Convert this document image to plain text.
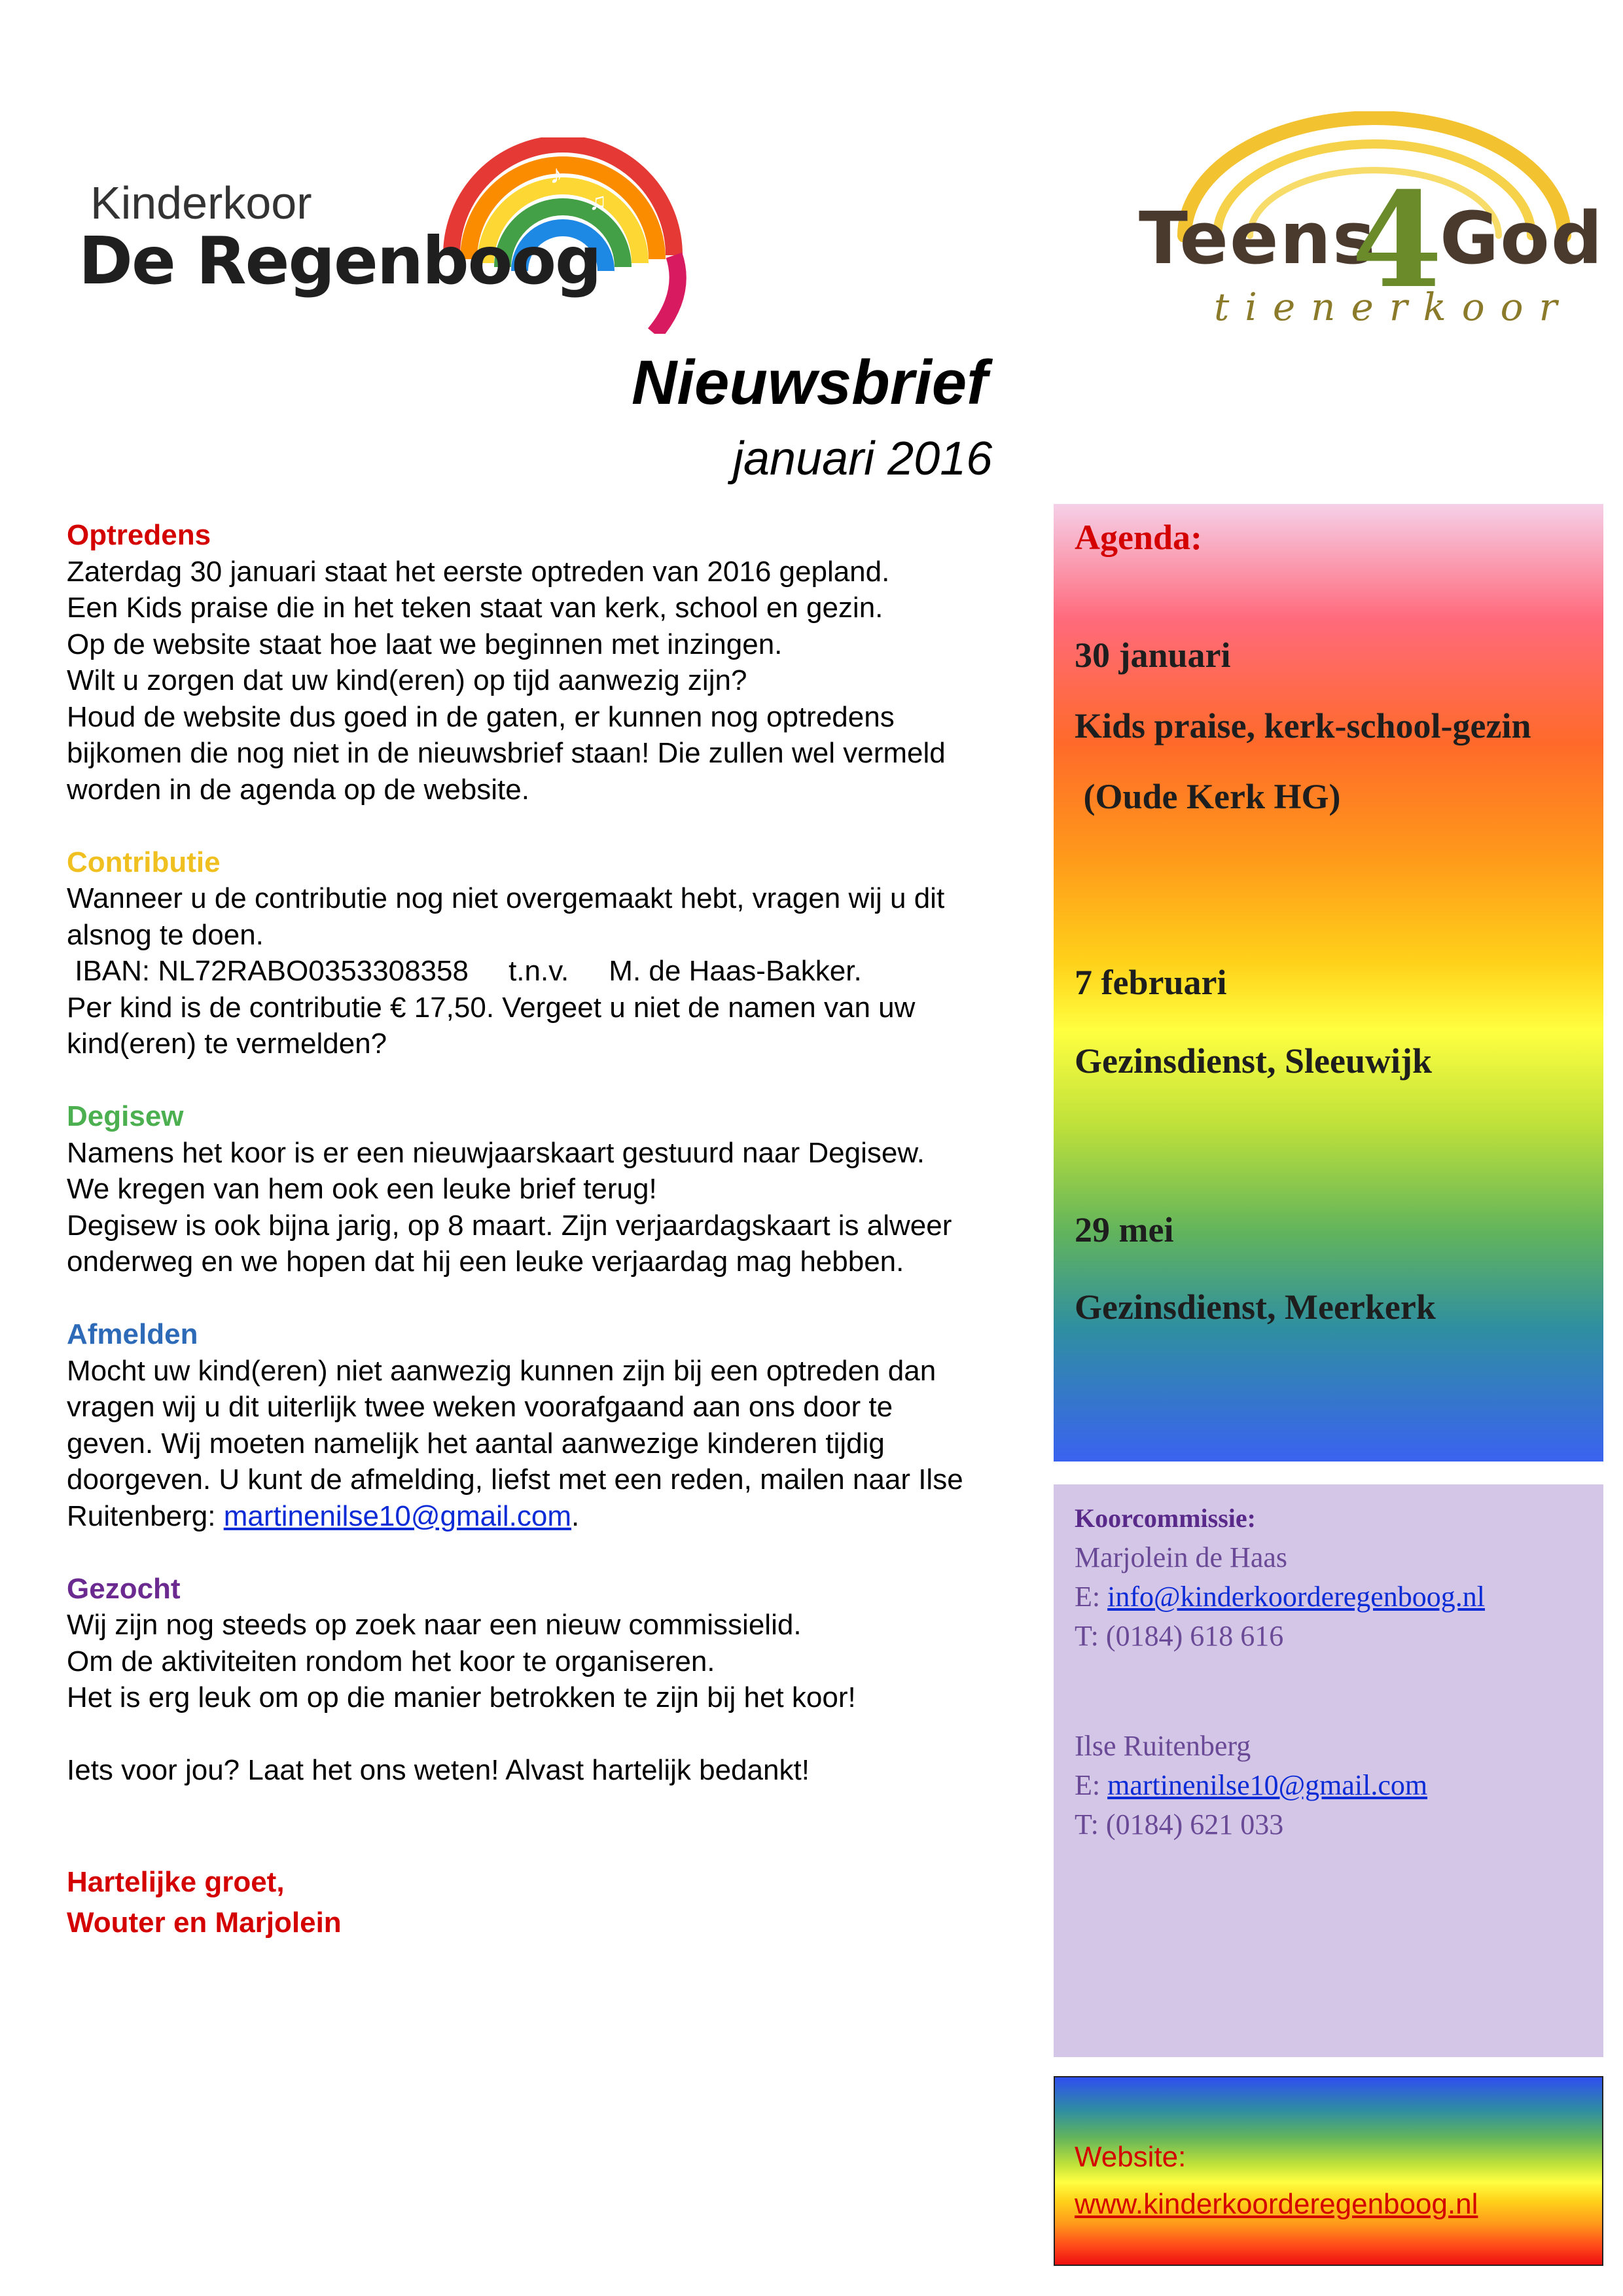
♪
♫
Kinderkoor
De Regenboog	Teens
4
God
tienerkoor
Nieuwsbrief
januari 2016
Optredens

Zaterdag 30 januari staat het eerste optreden van 2016 gepland.

Een Kids praise die in het teken staat van kerk, school en gezin.

Op de website staat hoe laat we beginnen met inzingen.

Wilt u zorgen dat uw kind(eren) op tijd aanwezig zijn?

Houd de website dus goed in de gaten, er kunnen nog optredens

bijkomen die nog niet in de nieuwsbrief staan! Die zullen wel vermeld

worden in de agenda op de website.

Contributie

Wanneer u de contributie nog niet overgemaakt hebt, vragen wij u dit

alsnog te doen.

IBAN: NL72RABO0353308358     t.n.v.     M. de Haas-Bakker.

Per kind is de contributie € 17,50. Vergeet u niet de namen van uw

kind(eren) te vermelden?

Degisew

Namens het koor is er een nieuwjaarskaart gestuurd naar Degisew.

We kregen van hem ook een leuke brief terug!

Degisew is ook bijna jarig, op 8 maart. Zijn verjaardagskaart is alweer

onderweg en we hopen dat hij een leuke verjaardag mag hebben.

Afmelden

Mocht uw kind(eren) niet aanwezig kunnen zijn bij een optreden dan

vragen wij u dit uiterlijk twee weken voorafgaand aan ons door te

geven. Wij moeten namelijk het aantal aanwezige kinderen tijdig

doorgeven. U kunt de afmelding, liefst met een reden, mailen naar Ilse

Ruitenberg: martinenilse10@gmail.com.

Gezocht

Wij zijn nog steeds op zoek naar een nieuw commissielid.

Om de aktiviteiten rondom het koor te organiseren.

Het is erg leuk om op die manier betrokken te zijn bij het koor!

Iets voor jou? Laat het ons weten! Alvast hartelijk bedankt!

Hartelijke groet,
Wouter en Marjolein
Agenda:
30 januari
Kids praise, kerk-school-gezin
(Oude Kerk HG)
7 februari
Gezinsdienst, Sleeuwijk
29 mei
Gezinsdienst, Meerkerk
Koorcommissie:
Marjolein de Haas
E: info@kinderkoorderegenboog.nl
T: (0184) 618 616
Ilse Ruitenberg
E: martinenilse10@gmail.com
T: (0184) 621 033
Website:
www.kinderkoorderegenboog.nl
